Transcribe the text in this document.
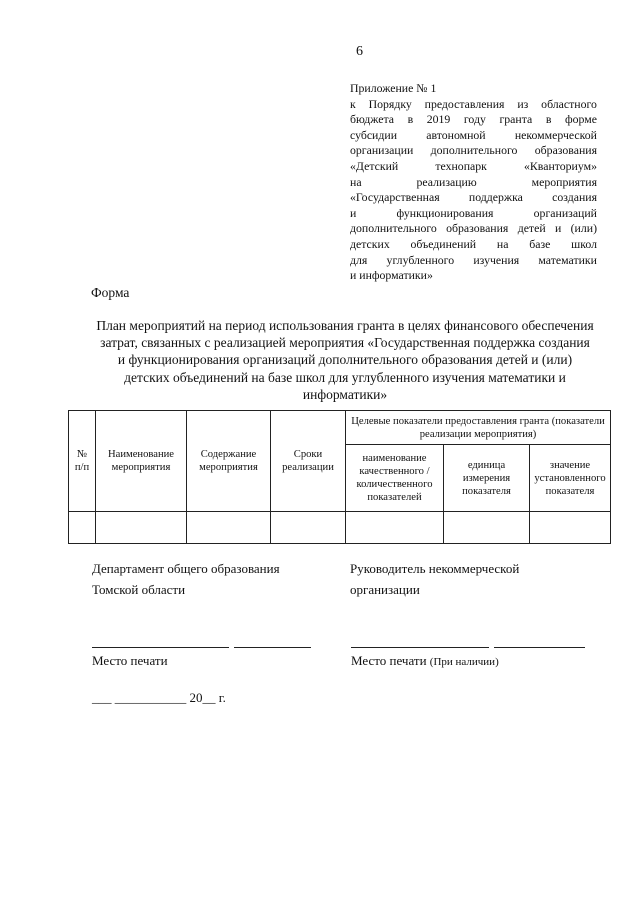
6
Приложение № 1
к Порядку предоставления из областного
бюджета в 2019 году гранта в форме
субсидии автономной некоммерческой
организации дополнительного образования
«Детский	технопарк	«Кванториум»
на	реализацию	мероприятия
«Государственная поддержка создания
и	функционирования	организаций
дополнительного образования детей и (или)
детских объединений на базе школ
для углубленного изучения математики
и информатики»
Форма
План мероприятий на период использования гранта в целях финансового обеспечения затрат, связанных с реализацией мероприятия «Государственная поддержка создания и функционирования организаций дополнительного образования детей и (или) детских объединений на базе школ для углубленного изучения математики и информатики»
№ п/п	Наименование мероприятия	Содержание мероприятия	Сроки реализации	Целевые показатели предоставления гранта (показатели реализации мероприятия)		
				наименование качественного / количественного показателей	единица измерения показателя	значение установленного показателя

Департамент общего образования
Томской области
Руководитель некоммерческой
организации
Место печати	Место печати (При наличии)
___ ___________ 20__ г.
